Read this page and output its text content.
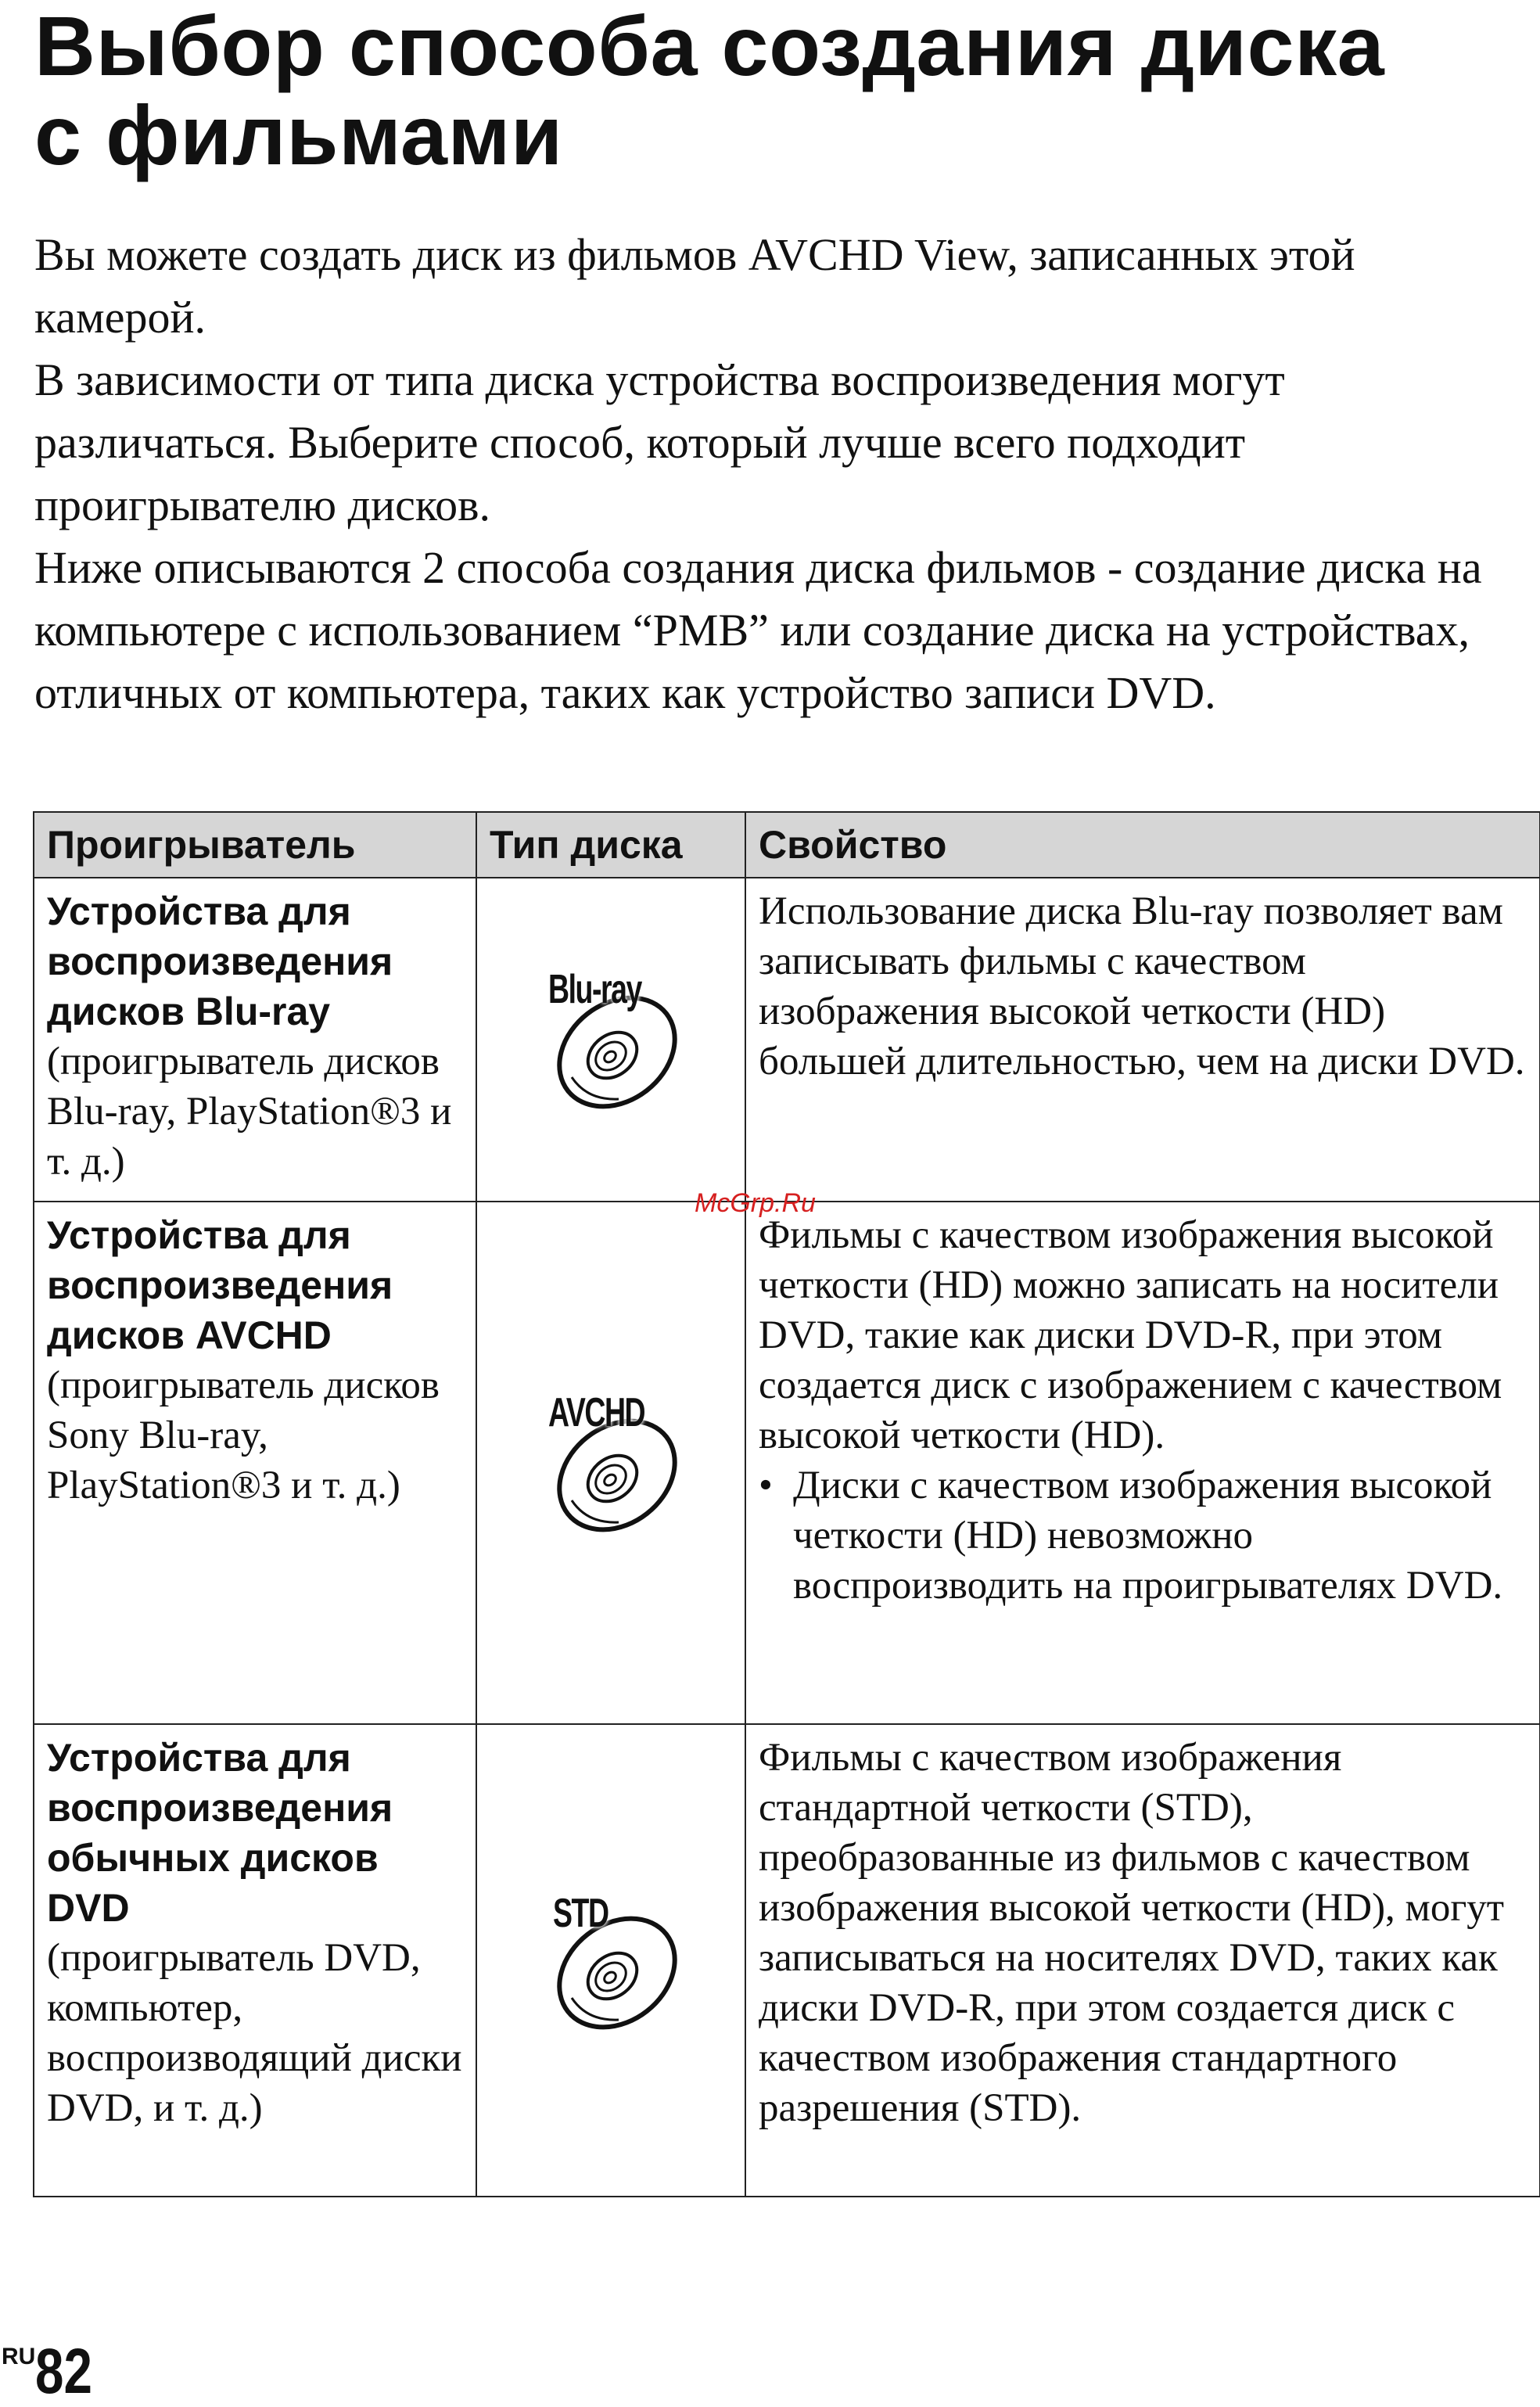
Выбор способа создания диска
с фильмами

Вы можете создать диск из фильмов AVCHD View, записанных этой камерой.

В зависимости от типа диска устройства воспроизведения могут различаться. Выберите способ, который лучше всего подходит проигрывателю дисков.

Ниже описываются 2 способа создания диска фильмов - создание диска на компьютере с использованием “PMB” или создание диска на устройствах, отличных от компьютера, таких как устройство записи DVD.

Проигрыватель	Тип диска	Свойство

Устройства для воспроизведения дисков Blu-ray
(проигрыватель дисков Blu-ray, PlayStation®3 и т. д.)	Blu-ray	Использование диска Blu-ray позволяет вам записывать фильмы с качеством изображения высокой четкости (HD) большей длительностью, чем на диски DVD.

Устройства для воспроизведения дисков AVCHD
(проигрыватель дисков Sony Blu-ray, PlayStation®3 и т. д.)	AVCHD	Фильмы с качеством изображения высокой четкости (HD) можно записать на носители DVD, такие как диски DVD-R, при этом создается диск с изображением с качеством высокой четкости (HD).
• Диски с качеством изображения высокой четкости (HD) невозможно воспроизводить на проигрывателях DVD.

Устройства для воспроизведения обычных дисков DVD
(проигрыватель DVD, компьютер, воспроизводящий диски DVD, и т. д.)	STD	Фильмы с качеством изображения стандартной четкости (STD), преобразованные из фильмов с качеством изображения высокой четкости (HD), могут записываться на носителях DVD, таких как диски DVD-R, при этом создается диск с качеством изображения стандартного разрешения (STD).
McGrp.Ru
RU82
